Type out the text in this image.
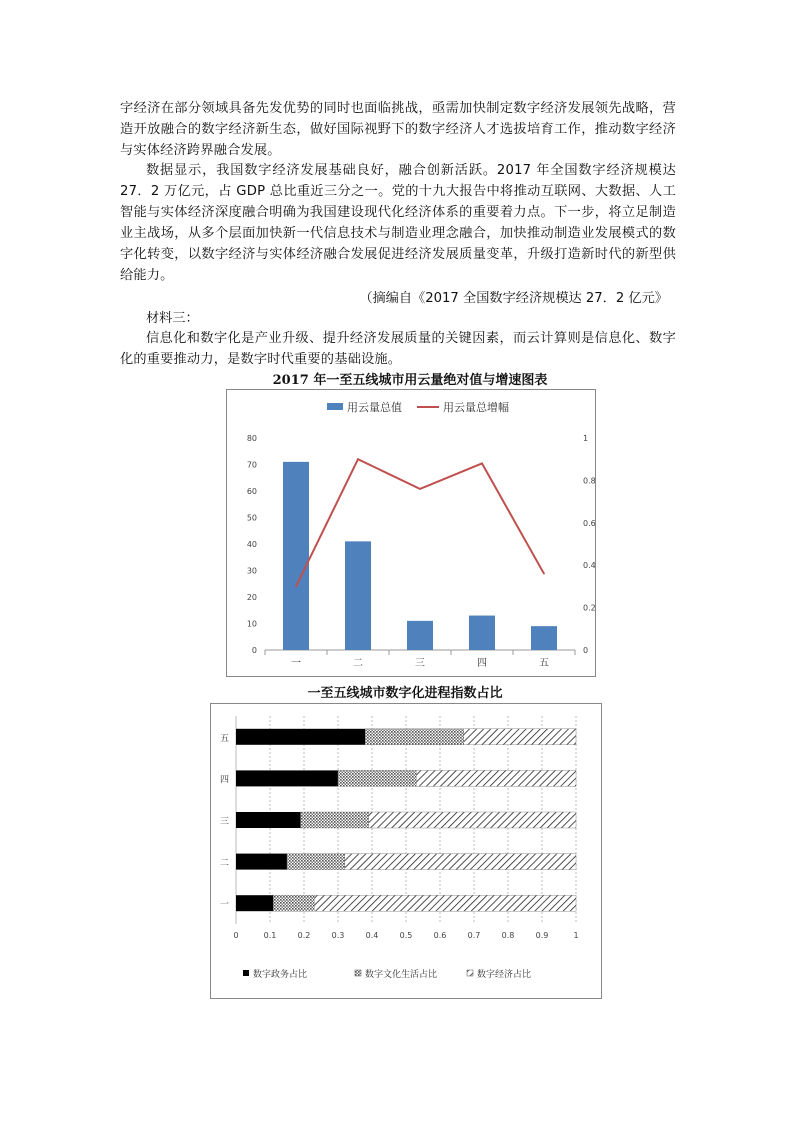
字经济在部分领域具备先发优势的同时也面临挑战，亟需加快制定数字经济发展领先战略，营造开放融合的数字经济新生态，做好国际视野下的数字经济人才选拔培育工作，推动数字经济与实体经济跨界融合发展。

数据显示，我国数字经济发展基础良好，融合创新活跃。2017 年全国数字经济规模达 27．2 万亿元，占 GDP 总比重近三分之一。党的十九大报告中将推动互联网、大数据、人工智能与实体经济深度融合明确为我国建设现代化经济体系的重要着力点。下一步，将立足制造业主战场，从多个层面加快新一代信息技术与制造业理念融合，加快推动制造业发展模式的数字化转变，以数字经济与实体经济融合发展促进经济发展质量变革，升级打造新时代的新型供给能力。

（摘编自《2017 全国数字经济规模达 27．2 亿元》

材料三：

信息化和数字化是产业升级、提升经济发展质量的关键因素，而云计算则是信息化、数字化的重要推动力，是数字时代重要的基础设施。

2017 年一至五线城市用云量绝对值与增速图表

用云量总值	用云量总增幅
0
10
20
30
40
50
60
70
80
0
0.2
0.4
0.6
0.8
1
一	二	三	四	五

一至五线城市数字化进程指数占比

0	0.1	0.2	0.3	0.4	0.5	0.6	0.7	0.8	0.9	1
一
二
三
四
五
数字政务占比	数字文化生活占比	数字经济占比
